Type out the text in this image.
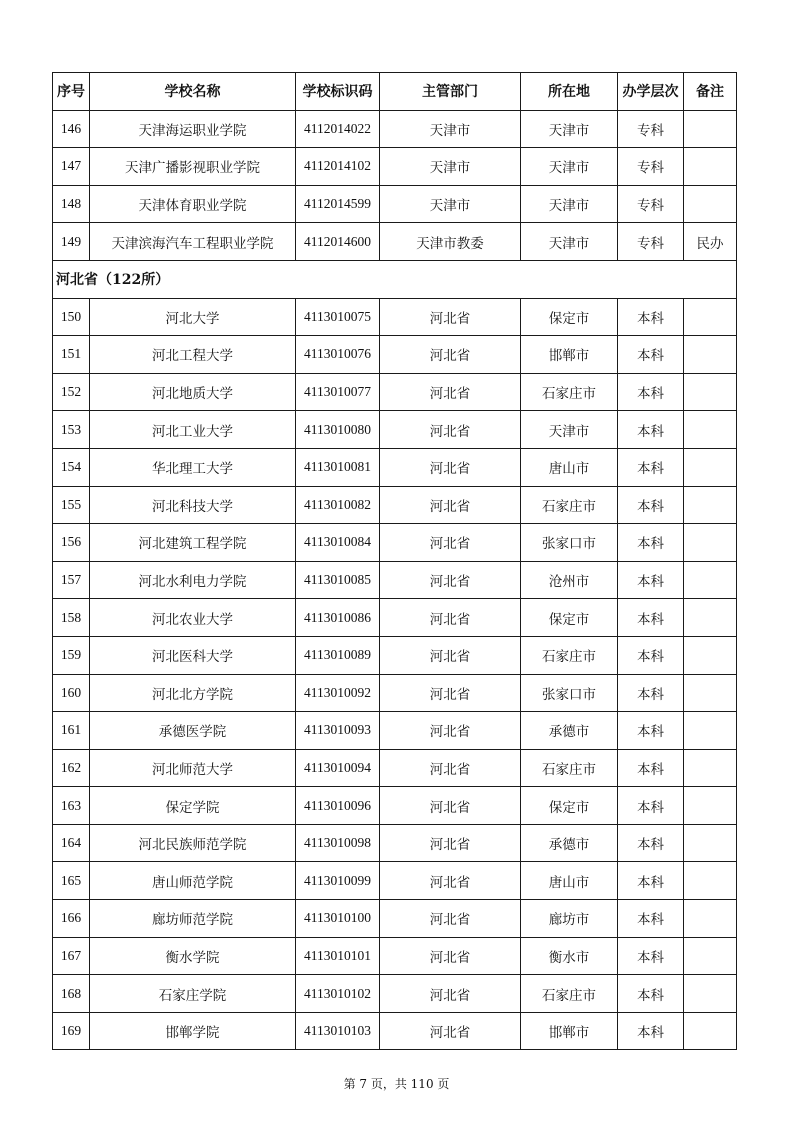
序号	学校名称	学校标识码	主管部门	所在地	办学层次	备注
146	天津海运职业学院	4112014022	天津市	天津市	专科	
147	天津广播影视职业学院	4112014102	天津市	天津市	专科	
148	天津体育职业学院	4112014599	天津市	天津市	专科	
149	天津滨海汽车工程职业学院	4112014600	天津市教委	天津市	专科	民办
河北省（122所）						
150	河北大学	4113010075	河北省	保定市	本科	
151	河北工程大学	4113010076	河北省	邯郸市	本科	
152	河北地质大学	4113010077	河北省	石家庄市	本科	
153	河北工业大学	4113010080	河北省	天津市	本科	
154	华北理工大学	4113010081	河北省	唐山市	本科	
155	河北科技大学	4113010082	河北省	石家庄市	本科	
156	河北建筑工程学院	4113010084	河北省	张家口市	本科	
157	河北水利电力学院	4113010085	河北省	沧州市	本科	
158	河北农业大学	4113010086	河北省	保定市	本科	
159	河北医科大学	4113010089	河北省	石家庄市	本科	
160	河北北方学院	4113010092	河北省	张家口市	本科	
161	承德医学院	4113010093	河北省	承德市	本科	
162	河北师范大学	4113010094	河北省	石家庄市	本科	
163	保定学院	4113010096	河北省	保定市	本科	
164	河北民族师范学院	4113010098	河北省	承德市	本科	
165	唐山师范学院	4113010099	河北省	唐山市	本科	
166	廊坊师范学院	4113010100	河北省	廊坊市	本科	
167	衡水学院	4113010101	河北省	衡水市	本科	
168	石家庄学院	4113010102	河北省	石家庄市	本科	
169	邯郸学院	4113010103	河北省	邯郸市	本科	
第 7 页，共 110 页
